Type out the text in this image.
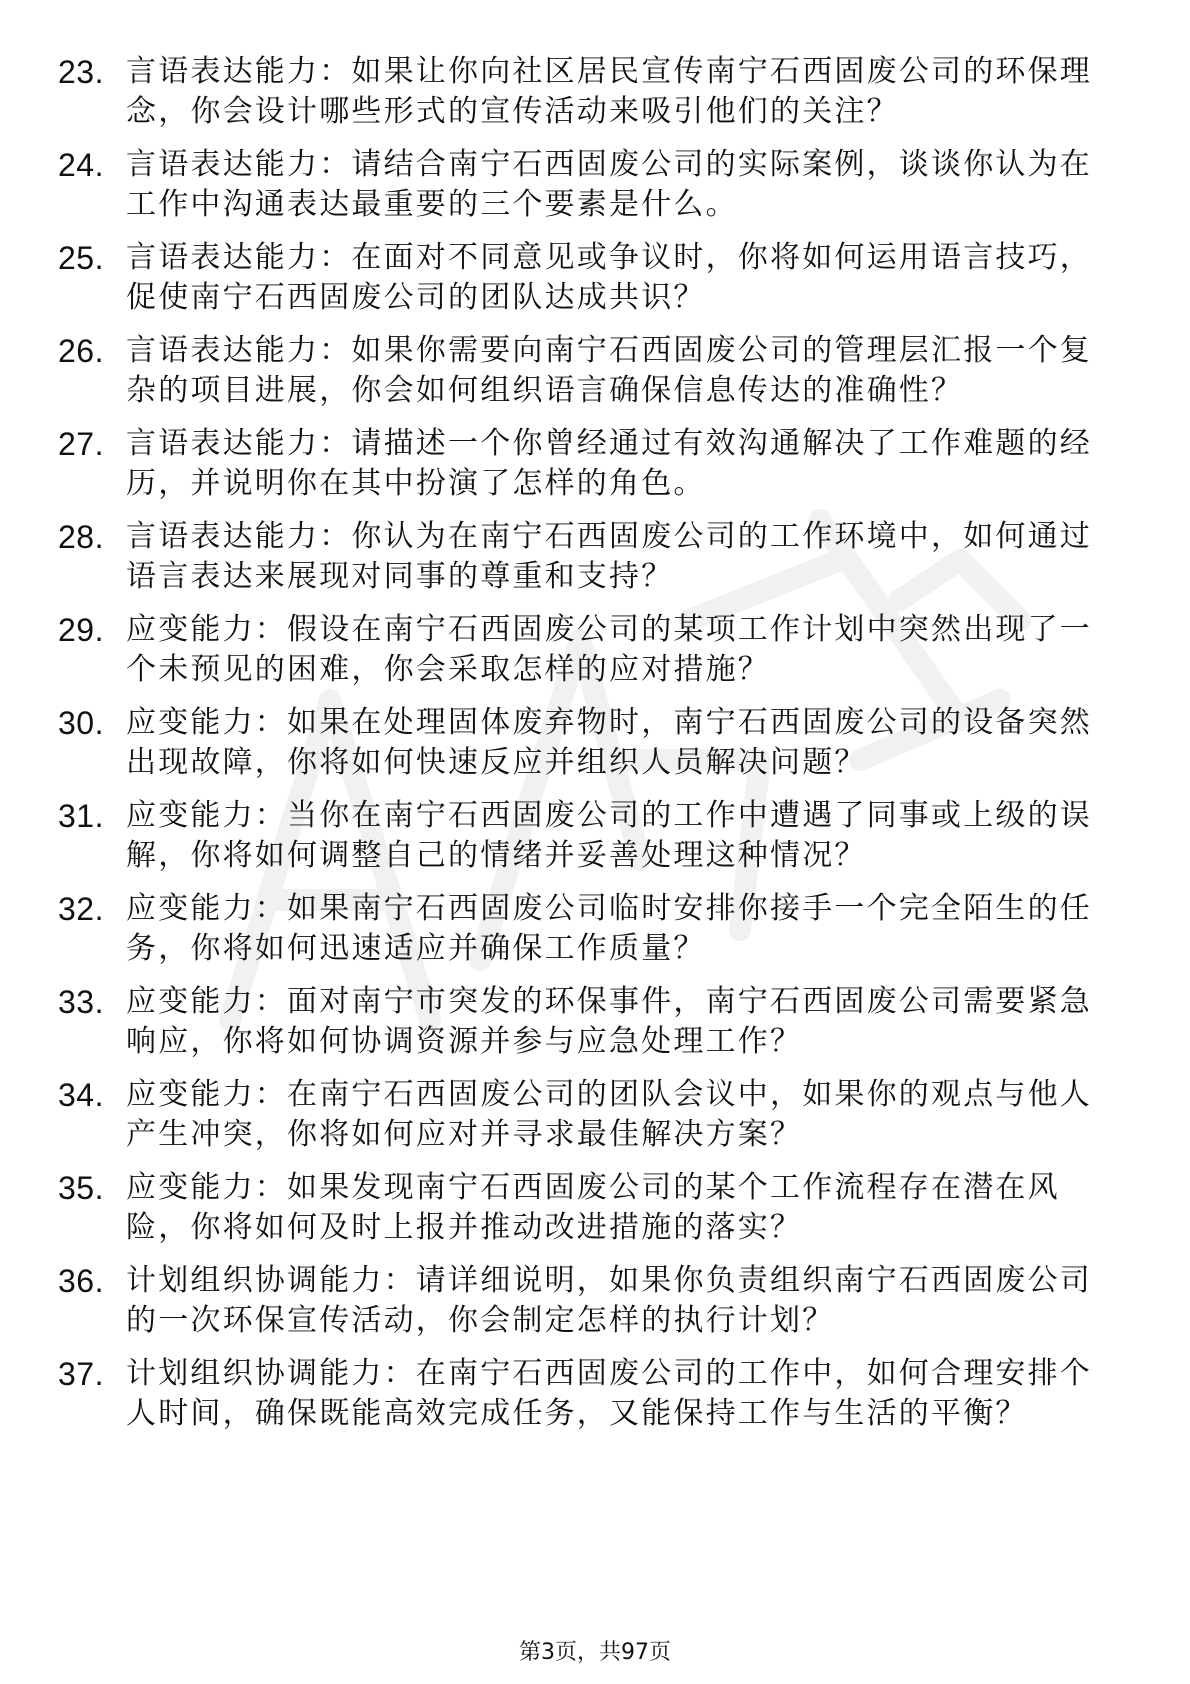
23. 言语表达能力：如果让你向社区居民宣传南宁石西固废公司的环保理念，你会设计哪些形式的宣传活动来吸引他们的关注？
24. 言语表达能力：请结合南宁石西固废公司的实际案例，谈谈你认为在工作中沟通表达最重要的三个要素是什么。
25. 言语表达能力：在面对不同意见或争议时，你将如何运用语言技巧，促使南宁石西固废公司的团队达成共识？
26. 言语表达能力：如果你需要向南宁石西固废公司的管理层汇报一个复杂的项目进展，你会如何组织语言确保信息传达的准确性？
27. 言语表达能力：请描述一个你曾经通过有效沟通解决了工作难题的经历，并说明你在其中扮演了怎样的角色。
28. 言语表达能力：你认为在南宁石西固废公司的工作环境中，如何通过语言表达来展现对同事的尊重和支持？
29. 应变能力：假设在南宁石西固废公司的某项工作计划中突然出现了一个未预见的困难，你会采取怎样的应对措施？
30. 应变能力：如果在处理固体废弃物时，南宁石西固废公司的设备突然出现故障，你将如何快速反应并组织人员解决问题？
31. 应变能力：当你在南宁石西固废公司的工作中遭遇了同事或上级的误解，你将如何调整自己的情绪并妥善处理这种情况？
32. 应变能力：如果南宁石西固废公司临时安排你接手一个完全陌生的任务，你将如何迅速适应并确保工作质量？
33. 应变能力：面对南宁市突发的环保事件，南宁石西固废公司需要紧急响应，你将如何协调资源并参与应急处理工作？
34. 应变能力：在南宁石西固废公司的团队会议中，如果你的观点与他人产生冲突，你将如何应对并寻求最佳解决方案？
35. 应变能力：如果发现南宁石西固废公司的某个工作流程存在潜在风险，你将如何及时上报并推动改进措施的落实？
36. 计划组织协调能力：请详细说明，如果你负责组织南宁石西固废公司的一次环保宣传活动，你会制定怎样的执行计划？
37. 计划组织协调能力：在南宁石西固废公司的工作中，如何合理安排个人时间，确保既能高效完成任务，又能保持工作与生活的平衡？
第3页，共97页
